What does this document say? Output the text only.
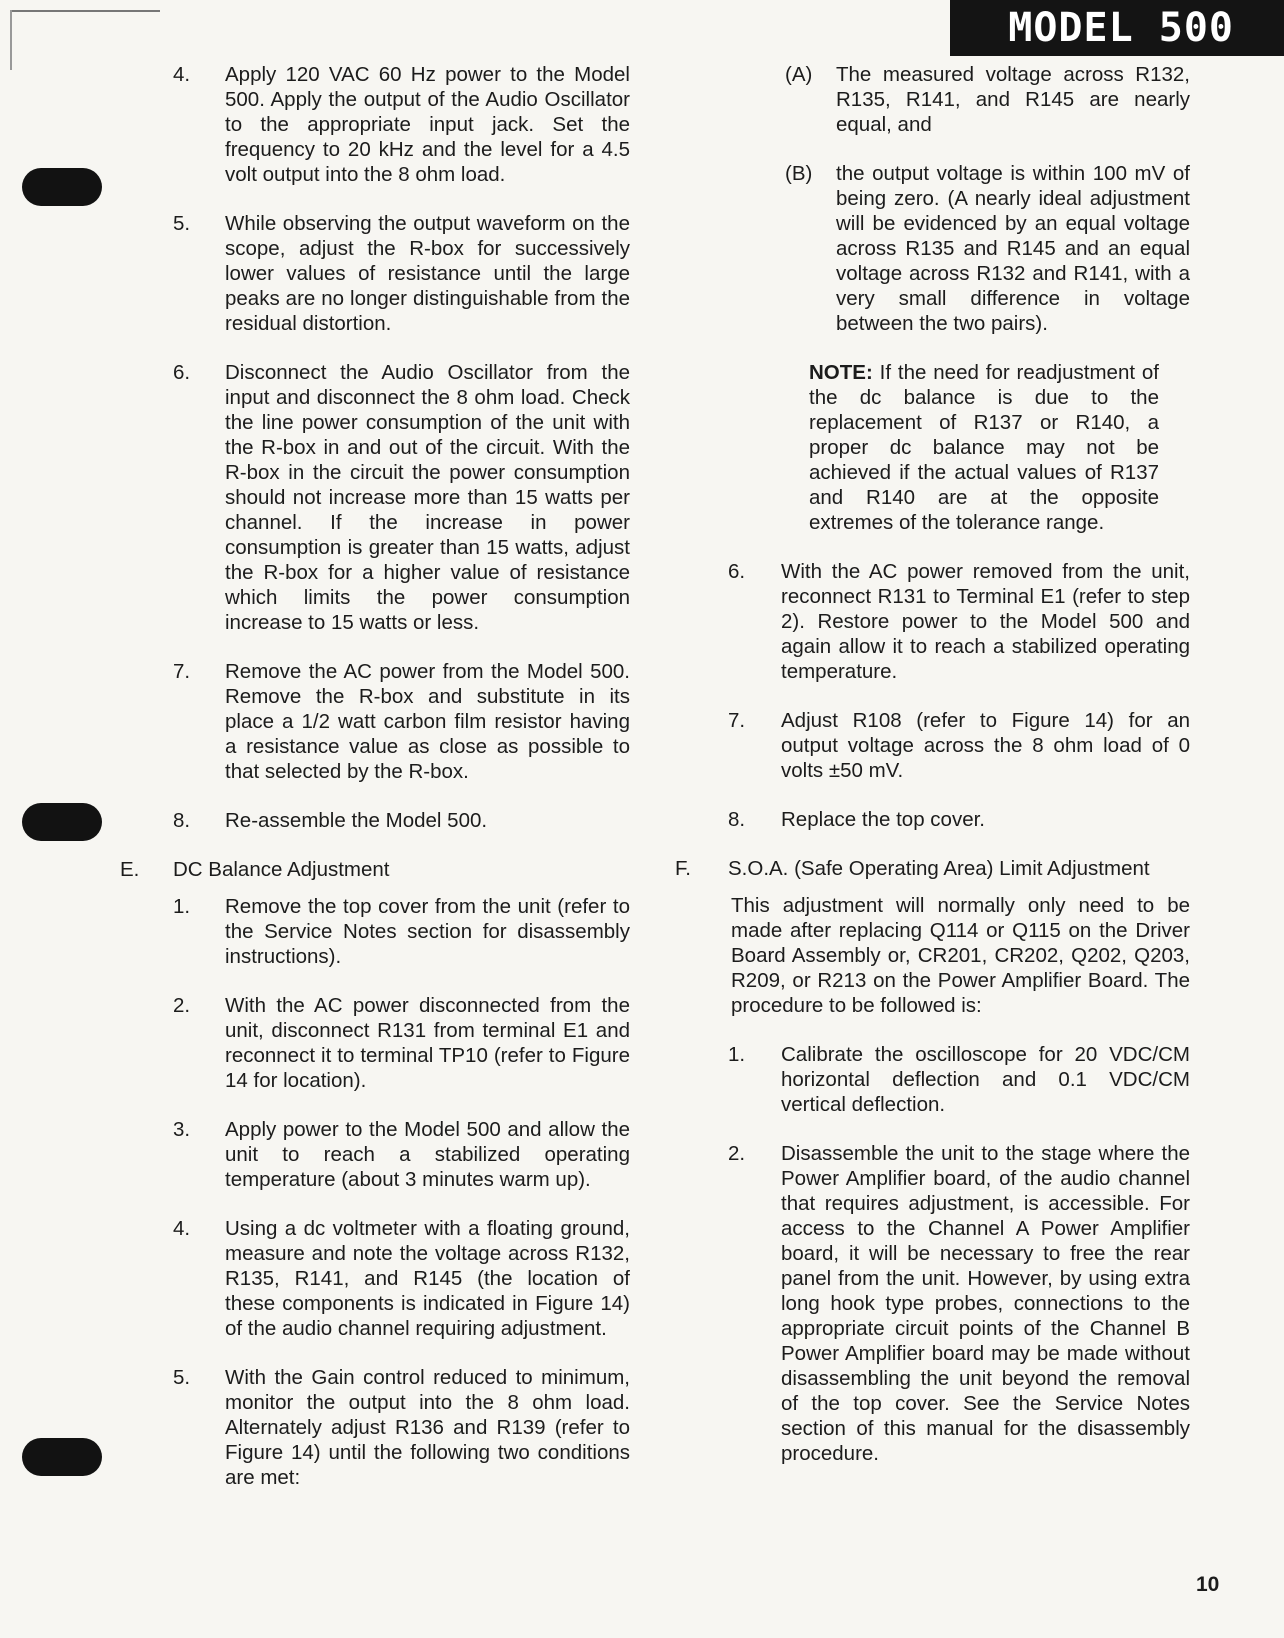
MODEL 500
4. Apply 120 VAC 60 Hz power to the Model 500. Apply the output of the Audio Oscillator to the appropriate input jack. Set the frequency to 20 kHz and the level for a 4.5 volt output into the 8 ohm load.
5. While observing the output waveform on the scope, adjust the R-box for successively lower values of resistance until the large peaks are no longer distinguishable from the residual distortion.
6. Disconnect the Audio Oscillator from the input and disconnect the 8 ohm load. Check the line power consumption of the unit with the R-box in and out of the circuit. With the R-box in the circuit the power consumption should not increase more than 15 watts per channel. If the increase in power consumption is greater than 15 watts, adjust the R-box for a higher value of resistance which limits the power consumption increase to 15 watts or less.
7. Remove the AC power from the Model 500. Remove the R-box and substitute in its place a 1/2 watt carbon film resistor having a resistance value as close as possible to that selected by the R-box.
8. Re-assemble the Model 500.
E. DC Balance Adjustment
1. Remove the top cover from the unit (refer to the Service Notes section for disassembly instructions).
2. With the AC power disconnected from the unit, disconnect R131 from terminal E1 and reconnect it to terminal TP10 (refer to Figure 14 for location).
3. Apply power to the Model 500 and allow the unit to reach a stabilized operating temperature (about 3 minutes warm up).
4. Using a dc voltmeter with a floating ground, measure and note the voltage across R132, R135, R141, and R145 (the location of these components is indicated in Figure 14) of the audio channel requiring adjustment.
5. With the Gain control reduced to minimum, monitor the output into the 8 ohm load. Alternately adjust R136 and R139 (refer to Figure 14) until the following two conditions are met:
(A) The measured voltage across R132, R135, R141, and R145 are nearly equal, and
(B) the output voltage is within 100 mV of being zero. (A nearly ideal adjustment will be evidenced by an equal voltage across R135 and R145 and an equal voltage across R132 and R141, with a very small difference in voltage between the two pairs).
NOTE: If the need for readjustment of the dc balance is due to the replacement of R137 or R140, a proper dc balance may not be achieved if the actual values of R137 and R140 are at the opposite extremes of the tolerance range.
6. With the AC power removed from the unit, reconnect R131 to Terminal E1 (refer to step 2). Restore power to the Model 500 and again allow it to reach a stabilized operating temperature.
7. Adjust R108 (refer to Figure 14) for an output voltage across the 8 ohm load of 0 volts ±50 mV.
8. Replace the top cover.
F. S.O.A. (Safe Operating Area) Limit Adjustment
This adjustment will normally only need to be made after replacing Q114 or Q115 on the Driver Board Assembly or, CR201, CR202, Q202, Q203, R209, or R213 on the Power Amplifier Board. The procedure to be followed is:
1. Calibrate the oscilloscope for 20 VDC/CM horizontal deflection and 0.1 VDC/CM vertical deflection.
2. Disassemble the unit to the stage where the Power Amplifier board, of the audio channel that requires adjustment, is accessible. For access to the Channel A Power Amplifier board, it will be necessary to free the rear panel from the unit. However, by using extra long hook type probes, connections to the appropriate circuit points of the Channel B Power Amplifier board may be made without disassembling the unit beyond the removal of the top cover. See the Service Notes section of this manual for the disassembly procedure.
10
